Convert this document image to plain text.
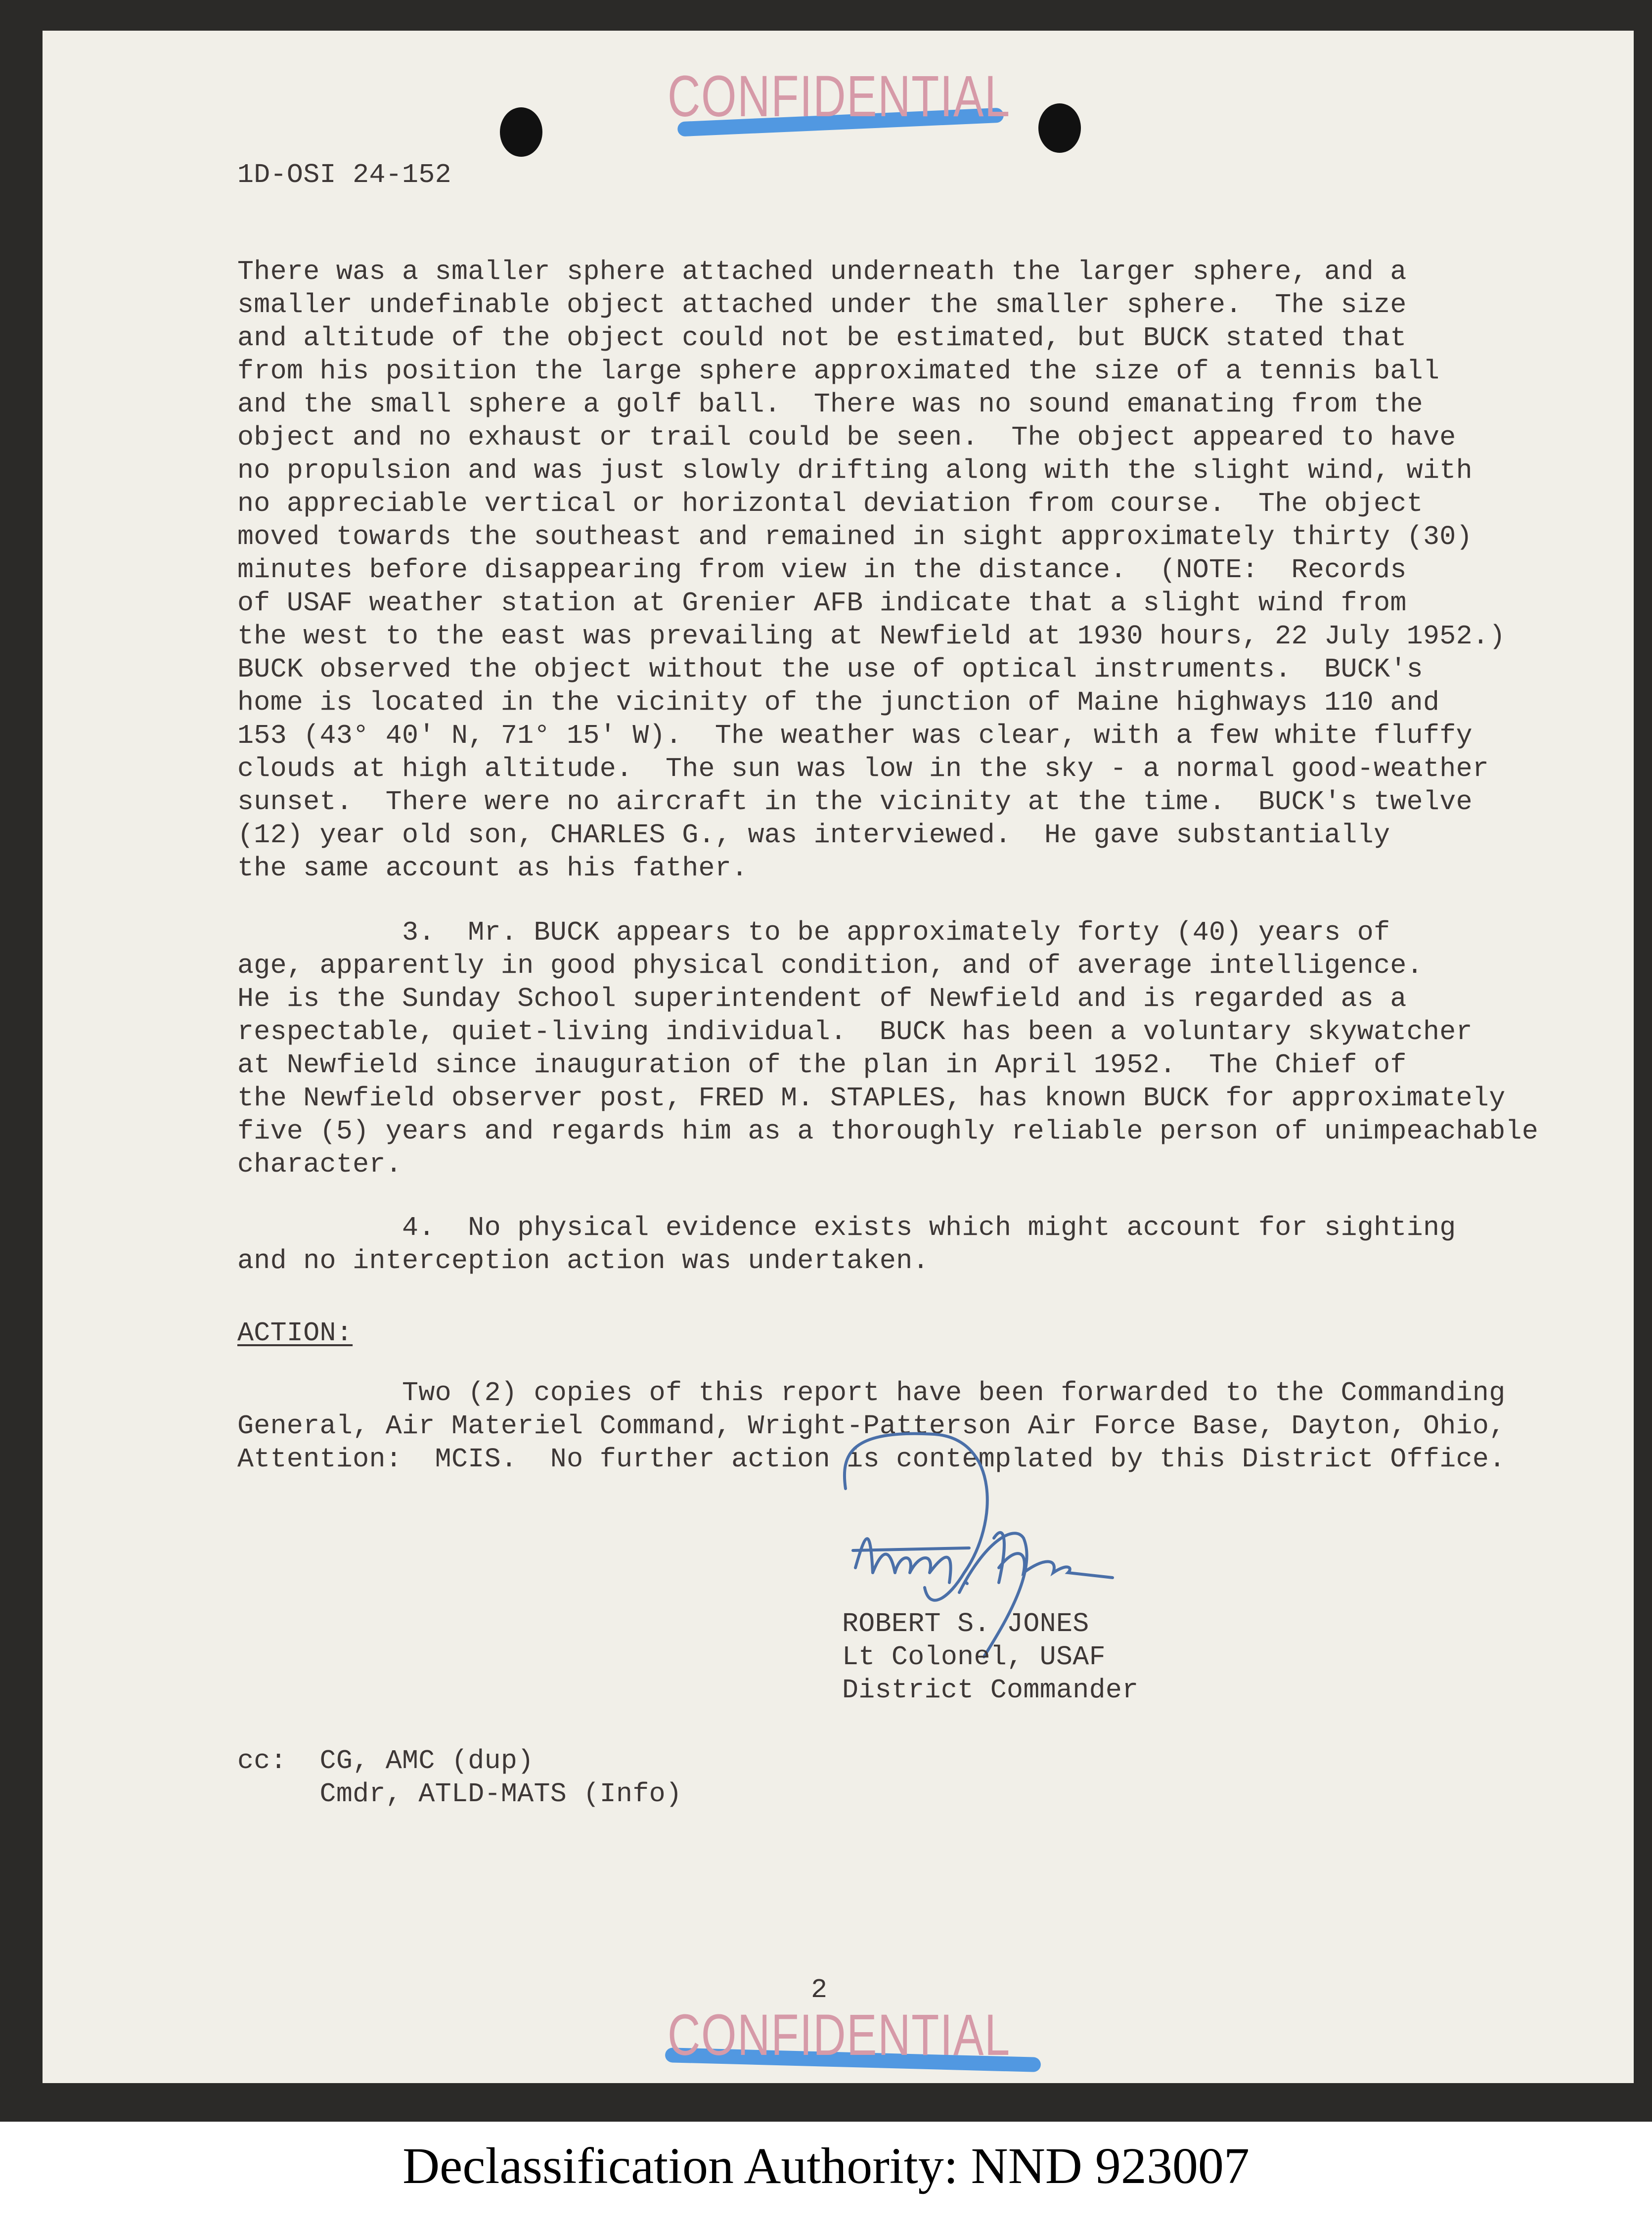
CONFIDENTIAL
1D-OSI 24-152
There was a smaller sphere attached underneath the larger sphere, and a
smaller undefinable object attached under the smaller sphere.  The size
and altitude of the object could not be estimated, but BUCK stated that
from his position the large sphere approximated the size of a tennis ball
and the small sphere a golf ball.  There was no sound emanating from the
object and no exhaust or trail could be seen.  The object appeared to have
no propulsion and was just slowly drifting along with the slight wind, with
no appreciable vertical or horizontal deviation from course.  The object
moved towards the southeast and remained in sight approximately thirty (30)
minutes before disappearing from view in the distance.  (NOTE:  Records
of USAF weather station at Grenier AFB indicate that a slight wind from
the west to the east was prevailing at Newfield at 1930 hours, 22 July 1952.)
BUCK observed the object without the use of optical instruments.  BUCK's
home is located in the vicinity of the junction of Maine highways 110 and
153 (43° 40' N, 71° 15' W).  The weather was clear, with a few white fluffy
clouds at high altitude.  The sun was low in the sky - a normal good-weather
sunset.  There were no aircraft in the vicinity at the time.  BUCK's twelve
(12) year old son, CHARLES G., was interviewed.  He gave substantially
the same account as his father.
3.  Mr. BUCK appears to be approximately forty (40) years of
age, apparently in good physical condition, and of average intelligence.
He is the Sunday School superintendent of Newfield and is regarded as a
respectable, quiet-living individual.  BUCK has been a voluntary skywatcher
at Newfield since inauguration of the plan in April 1952.  The Chief of
the Newfield observer post, FRED M. STAPLES, has known BUCK for approximately
five (5) years and regards him as a thoroughly reliable person of unimpeachable
character.
4.  No physical evidence exists which might account for sighting
and no interception action was undertaken.
ACTION:
Two (2) copies of this report have been forwarded to the Commanding
General, Air Materiel Command, Wright-Patterson Air Force Base, Dayton, Ohio,
Attention:  MCIS.  No further action is contemplated by this District Office.
ROBERT S. JONES
Lt Colonel, USAF
District Commander
cc:  CG, AMC (dup)
Cmdr, ATLD-MATS (Info)
2
CONFIDENTIAL
Declassification Authority: NND 923007
